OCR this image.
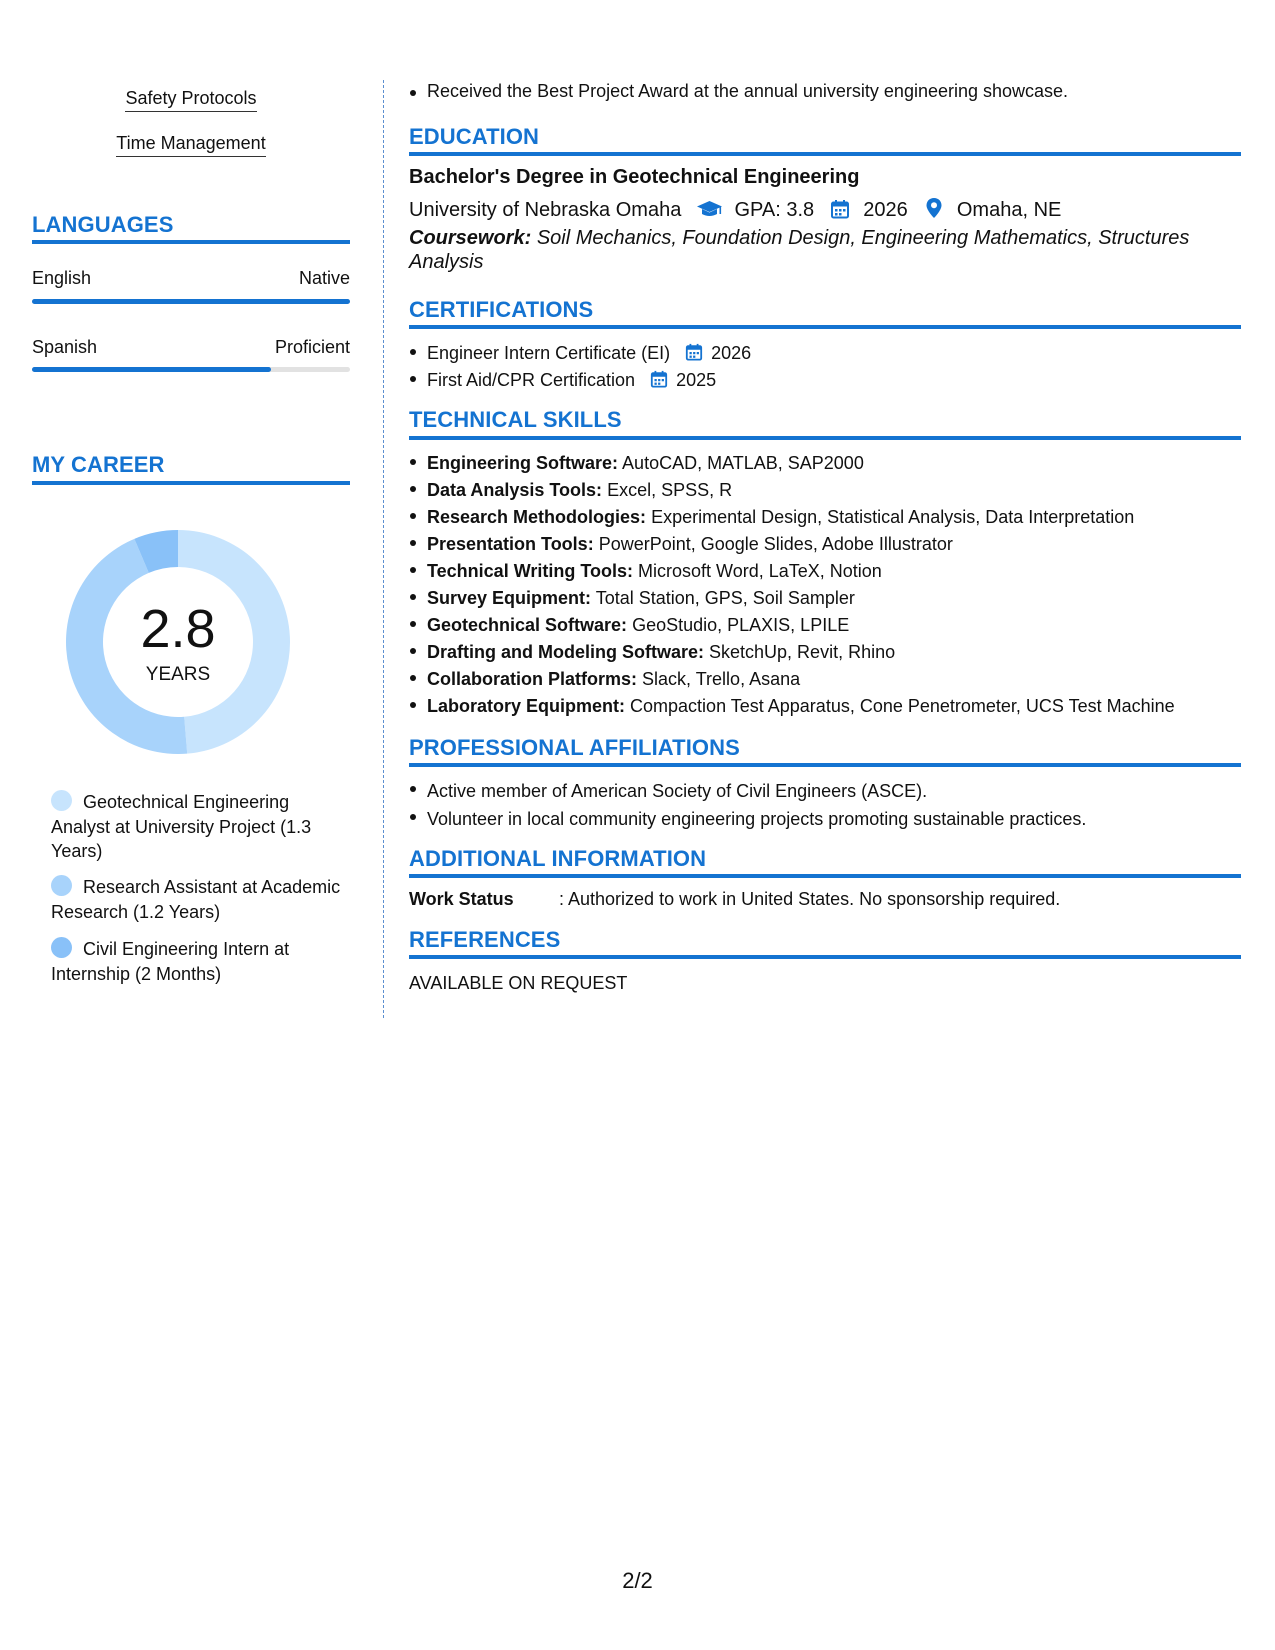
Safety Protocols
Time Management
LANGUAGES
English	Native
Spanish	Proficient
MY CAREER
2.8
YEARS
Geotechnical Engineering Analyst at University Project (1.3 Years)
Research Assistant at Academic Research (1.2 Years)
Civil Engineering Intern at Internship (2 Months)
Received the Best Project Award at the annual university engineering showcase.
EDUCATION
Bachelor's Degree in Geotechnical Engineering
University of Nebraska Omaha	GPA: 3.8 2026 Omaha, NE
Coursework: Soil Mechanics, Foundation Design, Engineering Mathematics, Structures Analysis
CERTIFICATIONS
Engineer Intern Certificate (EI) 2026
First Aid/CPR Certification 2025
TECHNICAL SKILLS
Engineering Software: AutoCAD, MATLAB, SAP2000
Data Analysis Tools: Excel, SPSS, R
Research Methodologies: Experimental Design, Statistical Analysis, Data Interpretation
Presentation Tools: PowerPoint, Google Slides, Adobe Illustrator
Technical Writing Tools: Microsoft Word, LaTeX, Notion
Survey Equipment: Total Station, GPS, Soil Sampler
Geotechnical Software: GeoStudio, PLAXIS, LPILE
Drafting and Modeling Software: SketchUp, Revit, Rhino
Collaboration Platforms: Slack, Trello, Asana
Laboratory Equipment: Compaction Test Apparatus, Cone Penetrometer, UCS Test Machine
PROFESSIONAL AFFILIATIONS
Active member of American Society of Civil Engineers (ASCE).
Volunteer in local community engineering projects promoting sustainable practices.
ADDITIONAL INFORMATION
Work Status	: Authorized to work in United States. No sponsorship required.
REFERENCES
AVAILABLE ON REQUEST
2/2
